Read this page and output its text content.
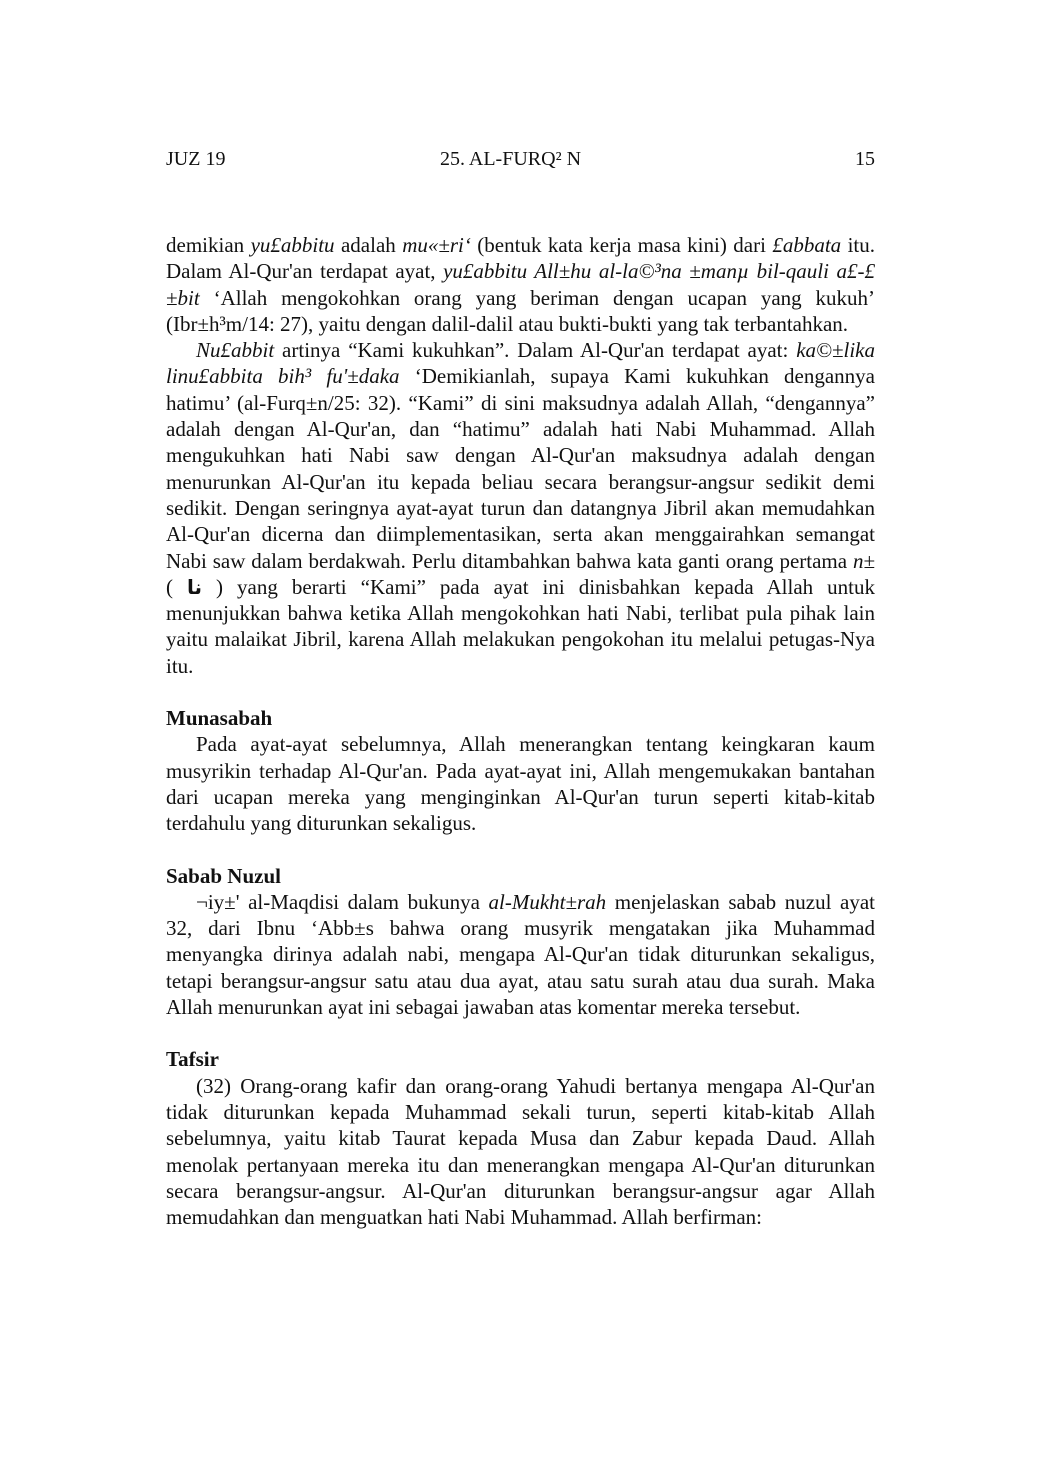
JUZ 19	25. AL-FURQ² N	15

demikian yu£abbitu adalah mu«±ri‘ (bentuk kata kerja masa kini) dari £abbata itu. Dalam Al-Qur'an terdapat ayat, yu£abbitu All±hu al-la©³na ±manµ bil-qauli a£-£±bit ‘Allah mengokohkan orang yang beriman dengan ucapan yang kukuh’ (Ibr±h³m/14: 27), yaitu dengan dalil-dalil atau bukti-bukti yang tak terbantahkan.

Nu£abbit artinya “Kami kukuhkan”. Dalam Al-Qur'an terdapat ayat: ka©±lika linu£abbita bih³ fu'±daka ‘Demikianlah, supaya Kami kukuhkan dengannya hatimu’ (al-Furq±n/25: 32). “Kami” di sini maksudnya adalah Allah, “dengannya” adalah dengan Al-Qur'an, dan “hatimu” adalah hati Nabi Muhammad. Allah mengukuhkan hati Nabi saw dengan Al-Qur'an maksudnya adalah dengan menurunkan Al-Qur'an itu kepada beliau secara berangsur-angsur sedikit demi sedikit. Dengan seringnya ayat-ayat turun dan datangnya Jibril akan memudahkan Al-Qur'an dicerna dan diimplementasikan, serta akan menggairahkan semangat Nabi saw dalam berdakwah. Perlu ditambahkan bahwa kata ganti orang pertama n± ( نا ) yang berarti “Kami” pada ayat ini dinisbahkan kepada Allah untuk menunjukkan bahwa ketika Allah mengokohkan hati Nabi, terlibat pula pihak lain yaitu malaikat Jibril, karena Allah melakukan pengokohan itu melalui petugas-Nya itu.

Munasabah

Pada ayat-ayat sebelumnya, Allah menerangkan tentang keingkaran kaum musyrikin terhadap Al-Qur'an. Pada ayat-ayat ini, Allah mengemukakan bantahan dari ucapan mereka yang menginginkan Al-Qur'an turun seperti kitab-kitab terdahulu yang diturunkan sekaligus.

Sabab Nuzul

¬iy±' al-Maqdisi dalam bukunya al-Mukht±rah menjelaskan sabab nuzul ayat 32, dari Ibnu ‘Abb±s bahwa orang musyrik mengatakan jika Muhammad menyangka dirinya adalah nabi, mengapa Al-Qur'an tidak diturunkan sekaligus, tetapi berangsur-angsur satu atau dua ayat, atau satu surah atau dua surah. Maka Allah menurunkan ayat ini sebagai jawaban atas komentar mereka tersebut.

Tafsir

(32) Orang-orang kafir dan orang-orang Yahudi bertanya mengapa Al-Qur'an tidak diturunkan kepada Muhammad sekali turun, seperti kitab-kitab Allah sebelumnya, yaitu kitab Taurat kepada Musa dan Zabur kepada Daud. Allah menolak pertanyaan mereka itu dan menerangkan mengapa Al-Qur'an diturunkan secara berangsur-angsur. Al-Qur'an diturunkan berangsur-angsur agar Allah memudahkan dan menguatkan hati Nabi Muhammad. Allah berfirman:
